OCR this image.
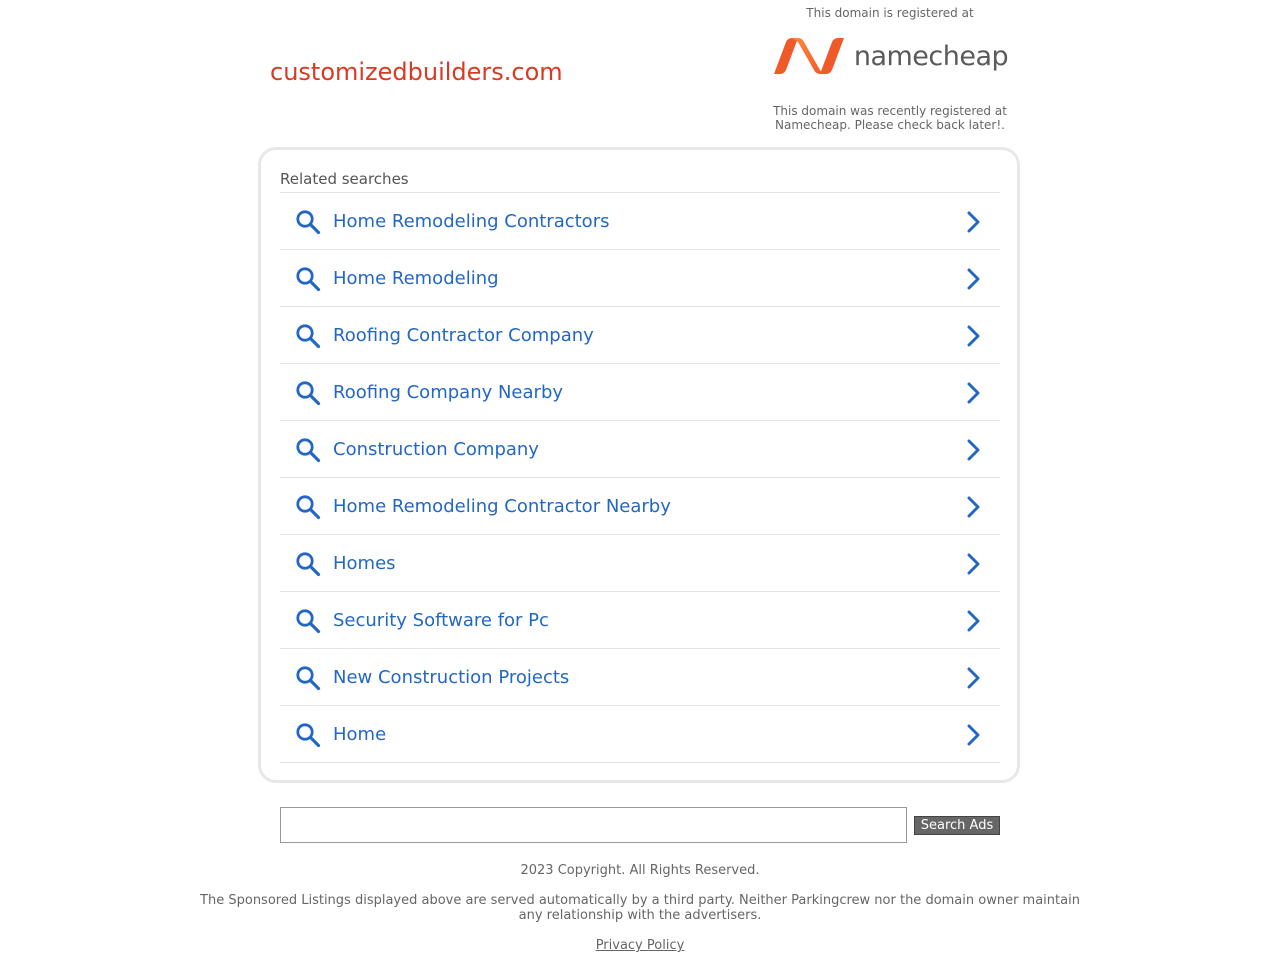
customizedbuilders.com
This domain is registered at
namecheap
This domain was recently registered at Namecheap. Please check back later!.
Related searches
Home Remodeling Contractors
Home Remodeling
Roofing Contractor Company
Roofing Company Nearby
Construction Company
Home Remodeling Contractor Nearby
Homes
Security Software for Pc
New Construction Projects
Home
Search Ads
2023 Copyright. All Rights Reserved.
The Sponsored Listings displayed above are served automatically by a third party. Neither Parkingcrew nor the domain owner maintain any relationship with the advertisers.
Privacy Policy
